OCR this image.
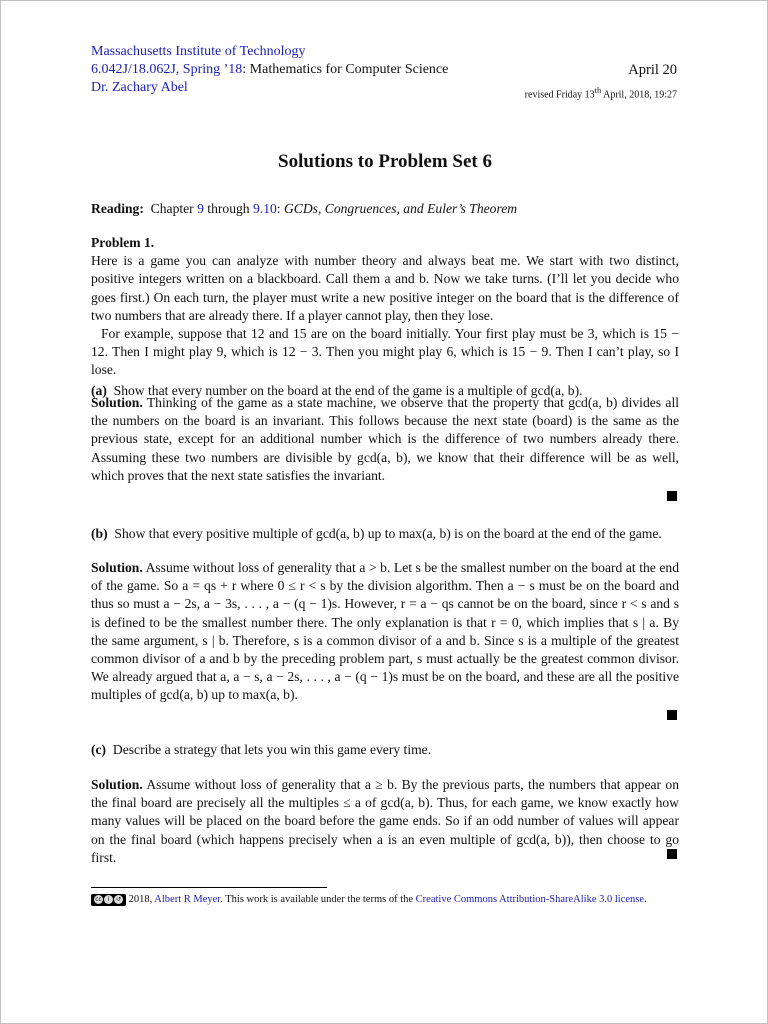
Massachusetts Institute of Technology
6.042J/18.062J, Spring ’18: Mathematics for Computer Science
Dr. Zachary Abel
April 20
revised Friday 13th April, 2018, 19:27
Solutions to Problem Set 6
Reading: Chapter 9 through 9.10: GCDs, Congruences, and Euler’s Theorem

Problem 1.

Here is a game you can analyze with number theory and always beat me. We start with two distinct, positive integers written on a blackboard. Call them a and b. Now we take turns. (I’ll let you decide who goes first.) On each turn, the player must write a new positive integer on the board that is the difference of two numbers that are already there. If a player cannot play, then they lose.

For example, suppose that 12 and 15 are on the board initially. Your first play must be 3, which is 15 − 12. Then I might play 9, which is 12 − 3. Then you might play 6, which is 15 − 9. Then I can’t play, so I lose.

(a) Show that every number on the board at the end of the game is a multiple of gcd(a, b).

Solution. Thinking of the game as a state machine, we observe that the property that gcd(a, b) divides all the numbers on the board is an invariant. This follows because the next state (board) is the same as the previous state, except for an additional number which is the difference of two numbers already there. Assuming these two numbers are divisible by gcd(a, b), we know that their difference will be as well, which proves that the next state satisfies the invariant.

(b) Show that every positive multiple of gcd(a, b) up to max(a, b) is on the board at the end of the game.

Solution. Assume without loss of generality that a > b. Let s be the smallest number on the board at the end of the game. So a = qs + r where 0 ≤ r < s by the division algorithm. Then a − s must be on the board and thus so must a − 2s, a − 3s, . . . , a − (q − 1)s. However, r = a − qs cannot be on the board, since r < s and s is defined to be the smallest number there. The only explanation is that r = 0, which implies that s | a. By the same argument, s | b. Therefore, s is a common divisor of a and b. Since s is a multiple of the greatest common divisor of a and b by the preceding problem part, s must actually be the greatest common divisor. We already argued that a, a − s, a − 2s, . . . , a − (q − 1)s must be on the board, and these are all the positive multiples of gcd(a, b) up to max(a, b).

(c) Describe a strategy that lets you win this game every time.

Solution. Assume without loss of generality that a ≥ b. By the previous parts, the numbers that appear on the final board are precisely all the multiples ≤ a of gcd(a, b). Thus, for each game, we know exactly how many values will be placed on the board before the game ends. So if an odd number of values will appear on the final board (which happens precisely when a is an even multiple of gcd(a, b)), then choose to go first.

cc i	↺ 2018, Albert R Meyer. This work is available under the terms of the Creative Commons Attribution-ShareAlike 3.0 license.
